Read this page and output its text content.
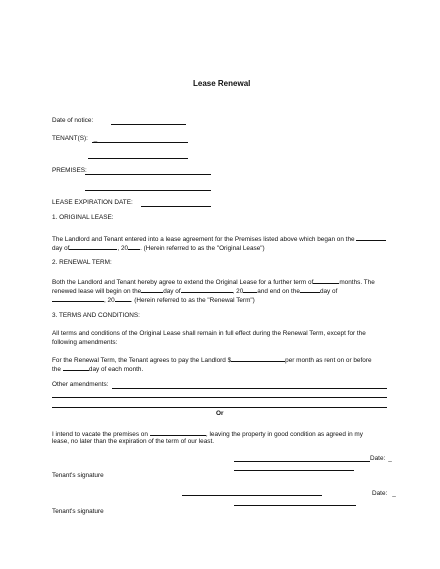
Lease Renewal
Date of notice:
TENANT(S): _
PREMISES:
LEASE EXPIRATION DATE:
1. ORIGINAL LEASE:
The Landlord and Tenant entered into a lease agreement for the Premises listed above which began on the
day of	, 20 . (Herein referred to as the "Original Lease")
2. RENEWAL TERM:
Both the Landlord and Tenant hereby agree to extend the Original Lease for a further term of	months. The
renewed lease will begin on the	day of	, 20 and end on the	day of
, 20	. (Herein referred to as the "Renewal Term")
3. TERMS AND CONDITIONS:
All terms and conditions of the Original Lease shall remain in full effect during the Renewal Term, except for the
following amendments:
For the Renewal Term, the Tenant agrees to pay the Landlord $	per month as rent on or before
the	day of each month.
Other amendments:
Or
I intend to vacate the premises on	, leaving the property in good condition as agreed in my
lease, no later than the expiration of the term of our least.
Date: _
Tenant's signature
Date: _
Tenant's signature
